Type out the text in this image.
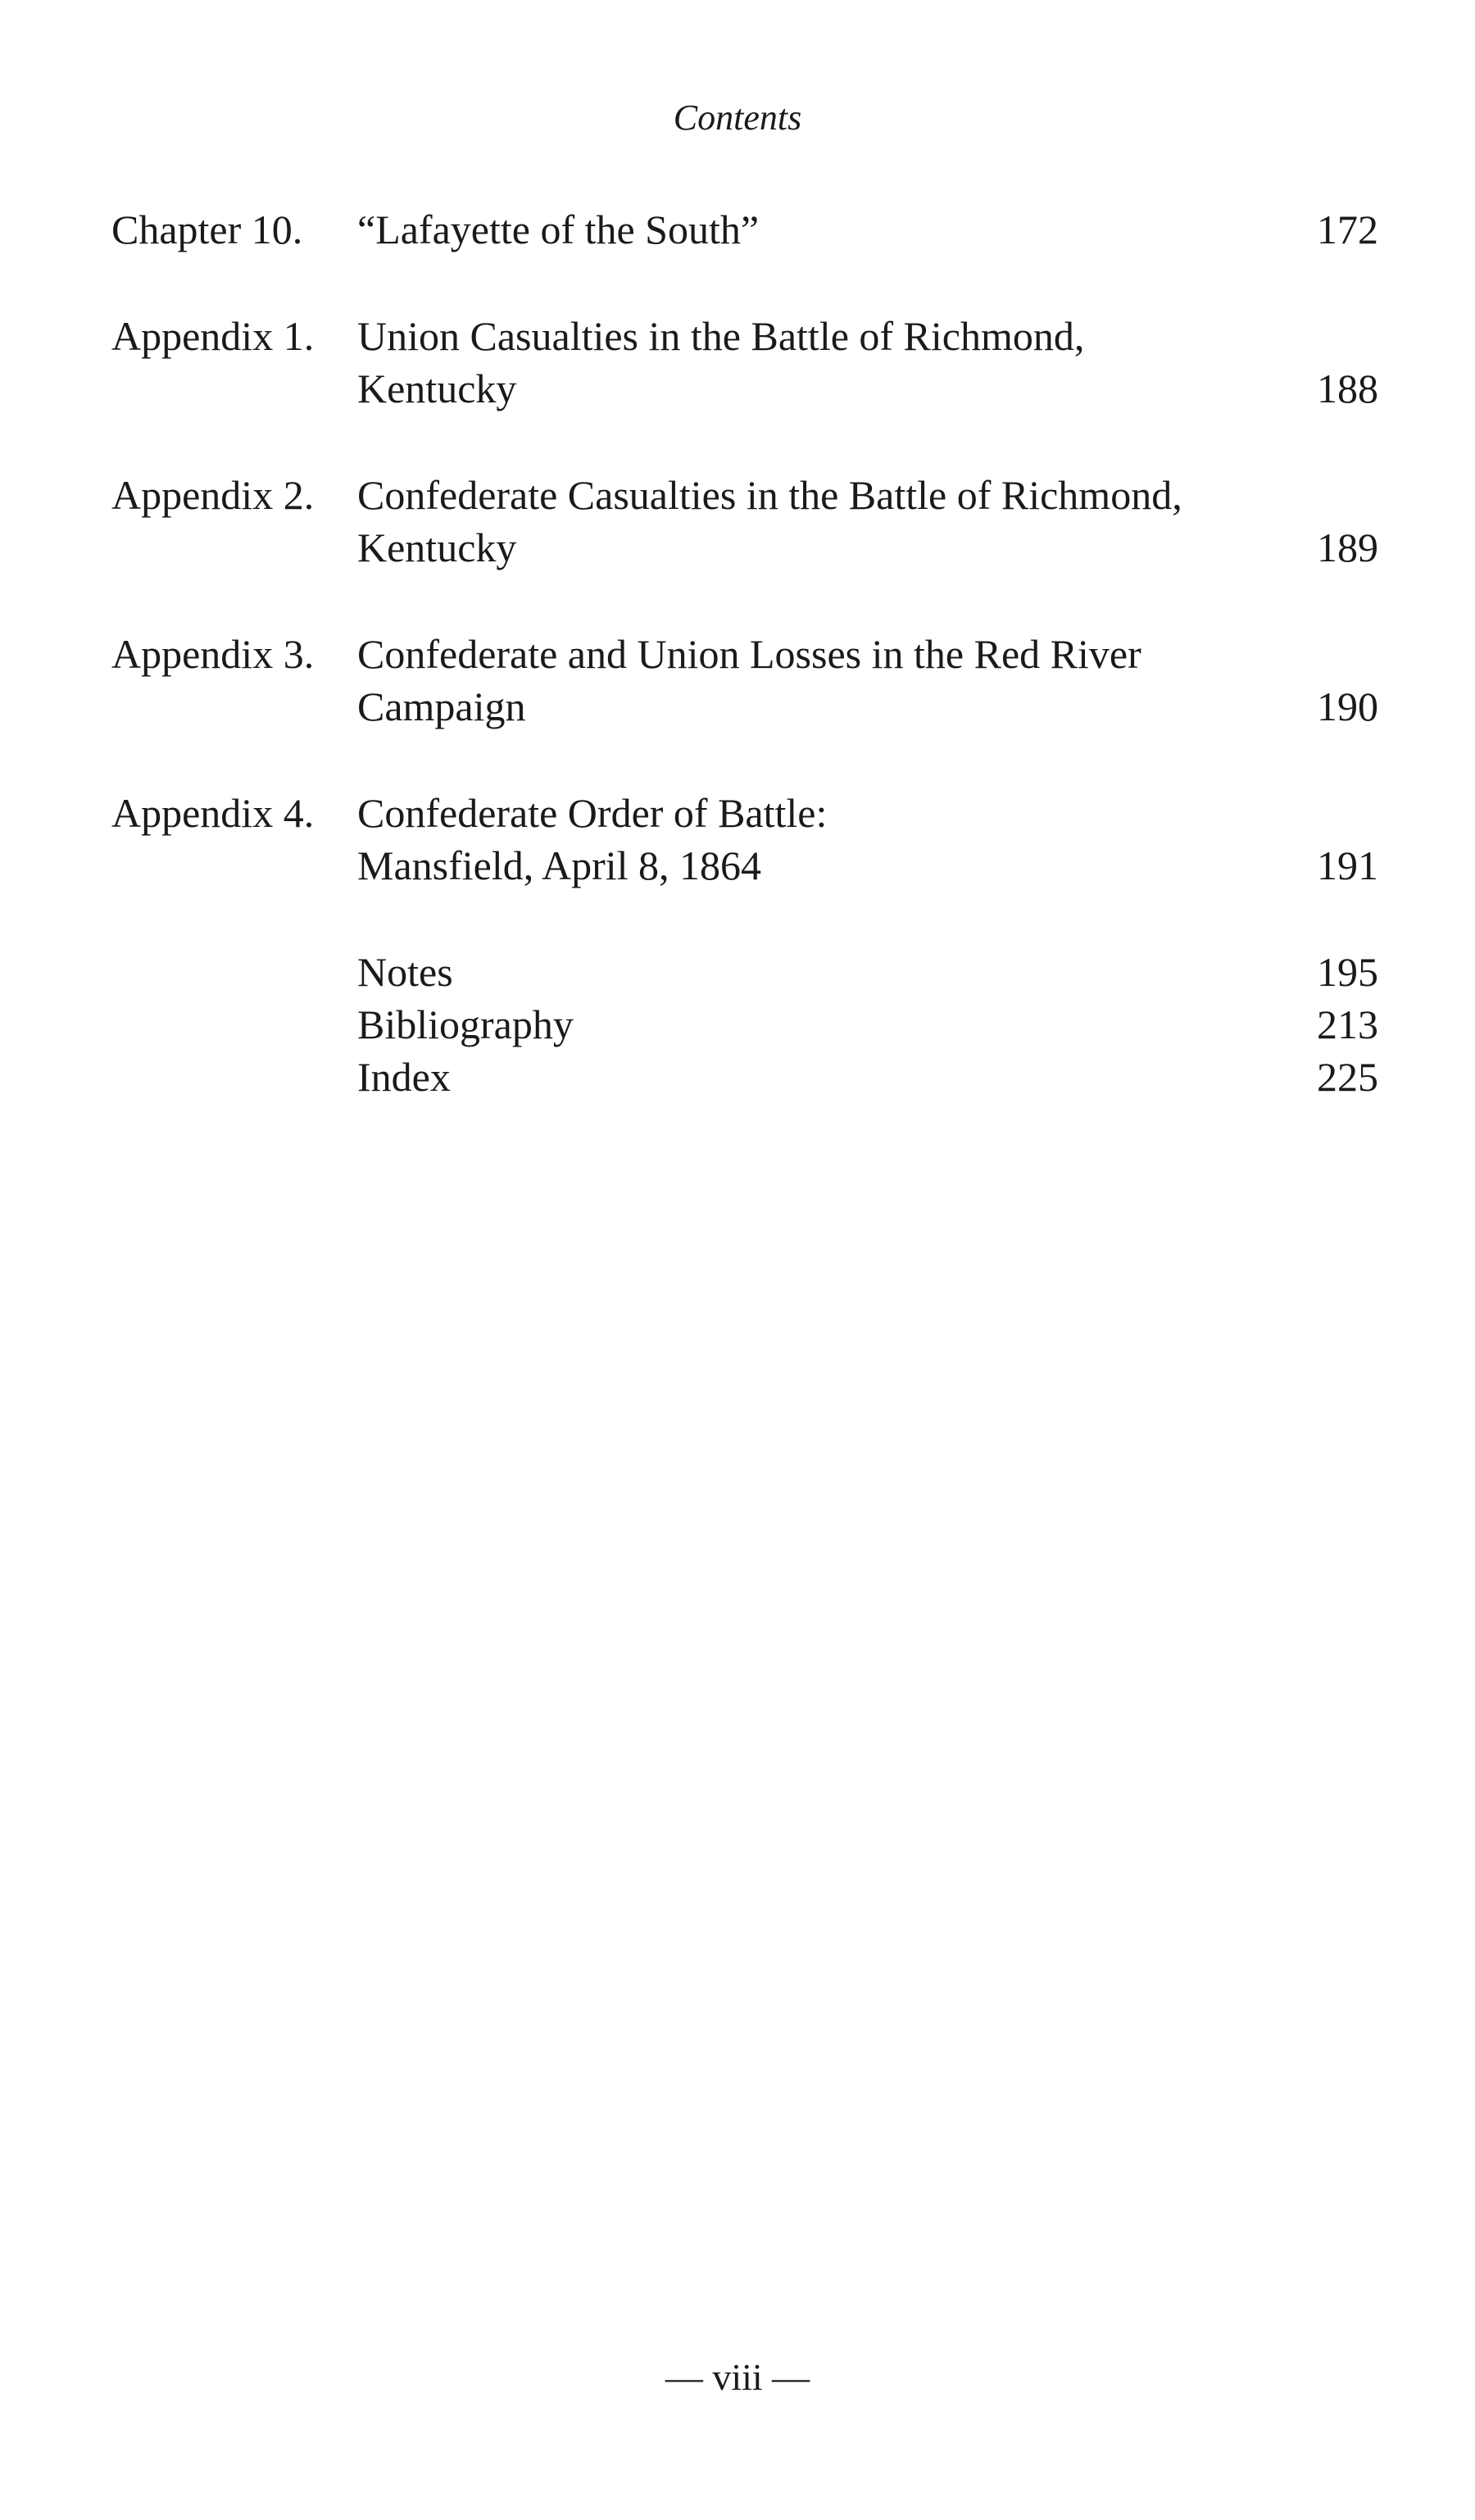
Contents
Chapter 10. “Lafayette of the South”	172
Appendix 1. Union Casualties in the Battle of Richmond,
Kentucky	188
Appendix 2. Confederate Casualties in the Battle of Richmond,
Kentucky	189
Appendix 3. Confederate and Union Losses in the Red River
Campaign	190
Appendix 4. Confederate Order of Battle:
Mansfield, April 8, 1864	191
Notes	195
Bibliography	213
Index	225
— viii —
